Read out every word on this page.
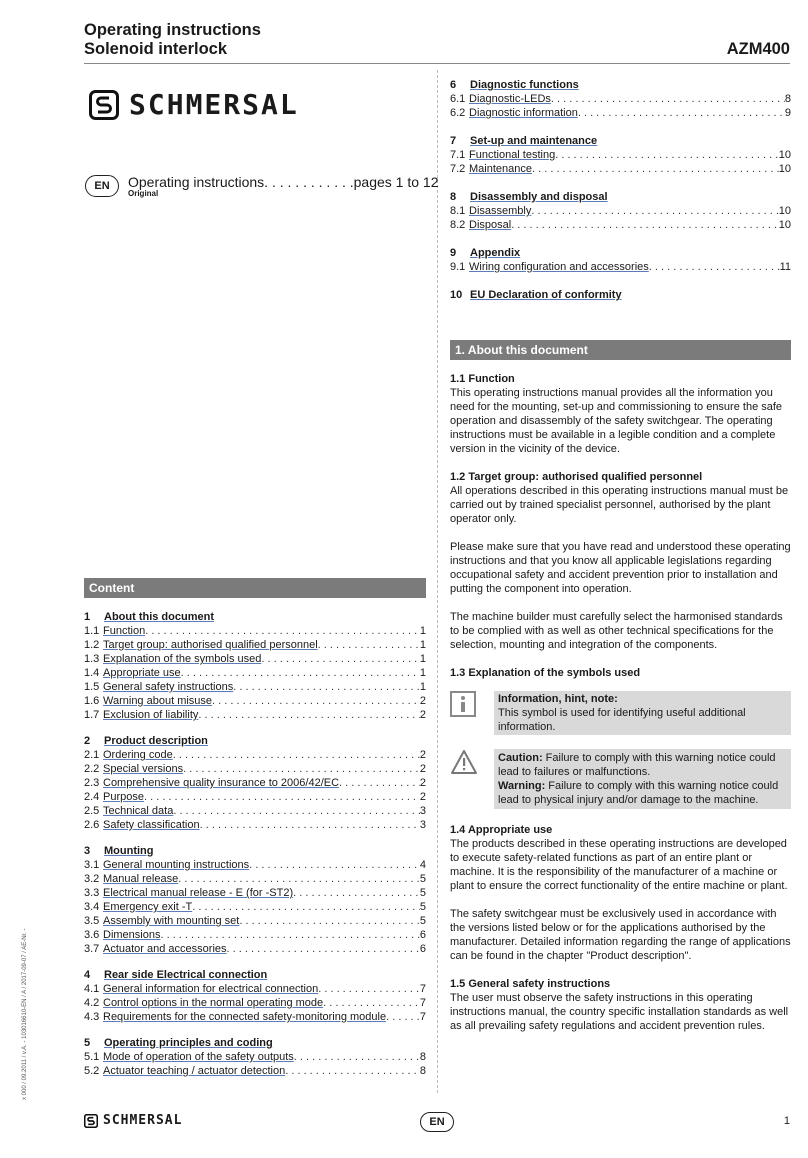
Operating instructions
Solenoid interlock	AZM400
SCHMERSAL
EN	Operating instructions. . . . . . . . . . . .pages 1 to 12
Original
x 000 / 09.2011 / v.A. - 103016610-EN / A / 2017-09-07 / AE-Nr. -
Content
1	About this document
1.1 Function . . .	1
1.2 Target group: authorised qualified personnel . . .	1
1.3 Explanation of the symbols used . . .	1
1.4 Appropriate use . . .	1
1.5 General safety instructions . . .	1
1.6 Warning about misuse . . .	2
1.7 Exclusion of liability . . .	2
2	Product description
2.1 Ordering code . . .	2
2.2 Special versions . . .	2
2.3 Comprehensive quality insurance to 2006/42/EC . . .	2
2.4 Purpose . . .	2
2.5 Technical data . . .	3
2.6 Safety classification . . .	3
3	Mounting
3.1 General mounting instructions . . .	4
3.2 Manual release . . .	5
3.3 Electrical manual release - E (for -ST2) . . .	5
3.4 Emergency exit -T . . .	5
3.5 Assembly with mounting set . . .	5
3.6 Dimensions . . .	6
3.7 Actuator and accessories . . .	6
4	Rear side Electrical connection
4.1 General information for electrical connection . . .	7
4.2 Control options in the normal operating mode . . .	7
4.3 Requirements for the connected safety-monitoring module . . .	7
5	Operating principles and coding
5.1 Mode of operation of the safety outputs . . .	8
5.2 Actuator teaching / actuator detection . . .	8
6	Diagnostic functions
6.1 Diagnostic-LEDs . . .	8
6.2 Diagnostic information . . .	9
7	Set-up and maintenance
7.1 Functional testing . . .	10
7.2 Maintenance . . .	10
8	Disassembly and disposal
8.1 Disassembly . . .	10
8.2 Disposal . . .	10
9	Appendix
9.1 Wiring configuration and accessories . . .	11
10 EU Declaration of conformity
1. About this document
1.1 Function

This operating instructions manual provides all the information you need for the mounting, set-up and commissioning to ensure the safe operation and disassembly of the safety switchgear. The operating instructions must be available in a legible condition and a complete version in the vicinity of the device.

1.2 Target group: authorised qualified personnel

All operations described in this operating instructions manual must be carried out by trained specialist personnel, authorised by the plant operator only.

Please make sure that you have read and understood these operating instructions and that you know all applicable legislations regarding occupational safety and accident prevention prior to installation and putting the component into operation.

The machine builder must carefully select the harmonised standards to be complied with as well as other technical specifications for the selection, mounting and integration of the components.

1.3 Explanation of the symbols used
Information, hint, note:
This symbol is used for identifying useful additional information.
Caution: Failure to comply with this warning notice could lead to failures or malfunctions.
Warning: Failure to comply with this warning notice could lead to physical injury and/or damage to the machine.
1.4 Appropriate use

The products described in these operating instructions are developed to execute safety-related functions as part of an entire plant or machine. It is the responsibility of the manufacturer of a machine or plant to ensure the correct functionality of the entire machine or plant.

The safety switchgear must be exclusively used in accordance with the versions listed below or for the applications authorised by the manufacturer. Detailed information regarding the range of applications can be found in the chapter "Product description".

1.5 General safety instructions

The user must observe the safety instructions in this operating instructions manual, the country specific installation standards as well as all prevailing safety regulations and accident prevention rules.

SCHMERSAL	EN	1
